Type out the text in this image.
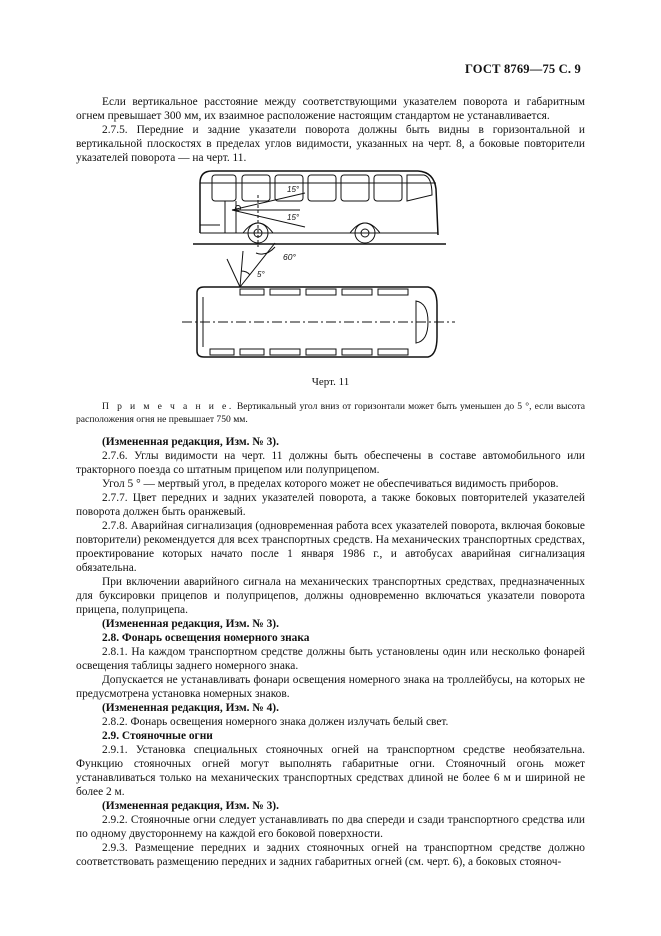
ГОСТ 8769—75 С. 9

Если вертикальное расстояние между соответствующими указателем поворота и габаритным огнем превышает 300 мм, их взаимное расположение настоящим стандартом не устанавливается.

2.7.5. Передние и задние указатели поворота должны быть видны в горизонтальной и вертикальной плоскостях в пределах углов видимости, указанных на черт. 8, а боковые повторители указателей поворота — на черт. 11.

15°
15°
60°
5°
Черт. 11

П р и м е ч а н и е. Вертикальный угол вниз от горизонтали может быть уменьшен до 5 °, если высота расположения огня не превышает 750 мм.

(Измененная редакция, Изм. № 3).

2.7.6. Углы видимости на черт. 11 должны быть обеспечены в составе автомобильного или тракторного поезда со штатным прицепом или полуприцепом.

Угол 5 ° — мертвый угол, в пределах которого может не обеспечиваться видимость приборов.

2.7.7. Цвет передних и задних указателей поворота, а также боковых повторителей указателей поворота должен быть оранжевый.

2.7.8. Аварийная сигнализация (одновременная работа всех указателей поворота, включая боковые повторители) рекомендуется для всех транспортных средств. На механических транспортных средствах, проектирование которых начато после 1 января 1986 г., и автобусах аварийная сигнализация обязательна.

При включении аварийного сигнала на механических транспортных средствах, предназначенных для буксировки прицепов и полуприцепов, должны одновременно включаться указатели поворота прицепа, полуприцепа.

(Измененная редакция, Изм. № 3).

2.8. Фонарь освещения номерного знака

2.8.1. На каждом транспортном средстве должны быть установлены один или несколько фонарей освещения таблицы заднего номерного знака.

Допускается не устанавливать фонари освещения номерного знака на троллейбусы, на которых не предусмотрена установка номерных знаков.

(Измененная редакция, Изм. № 4).

2.8.2. Фонарь освещения номерного знака должен излучать белый свет.

2.9. Стояночные огни

2.9.1. Установка специальных стояночных огней на транспортном средстве необязательна. Функцию стояночных огней могут выполнять габаритные огни. Стояночный огонь может устанавливаться только на механических транспортных средствах длиной не более 6 м и шириной не более 2 м.

(Измененная редакция, Изм. № 3).

2.9.2. Стояночные огни следует устанавливать по два спереди и сзади транспортного средства или по одному двустороннему на каждой его боковой поверхности.

2.9.3. Размещение передних и задних стояночных огней на транспортном средстве должно соответствовать размещению передних и задних габаритных огней (см. черт. 6), а боковых стояноч-
